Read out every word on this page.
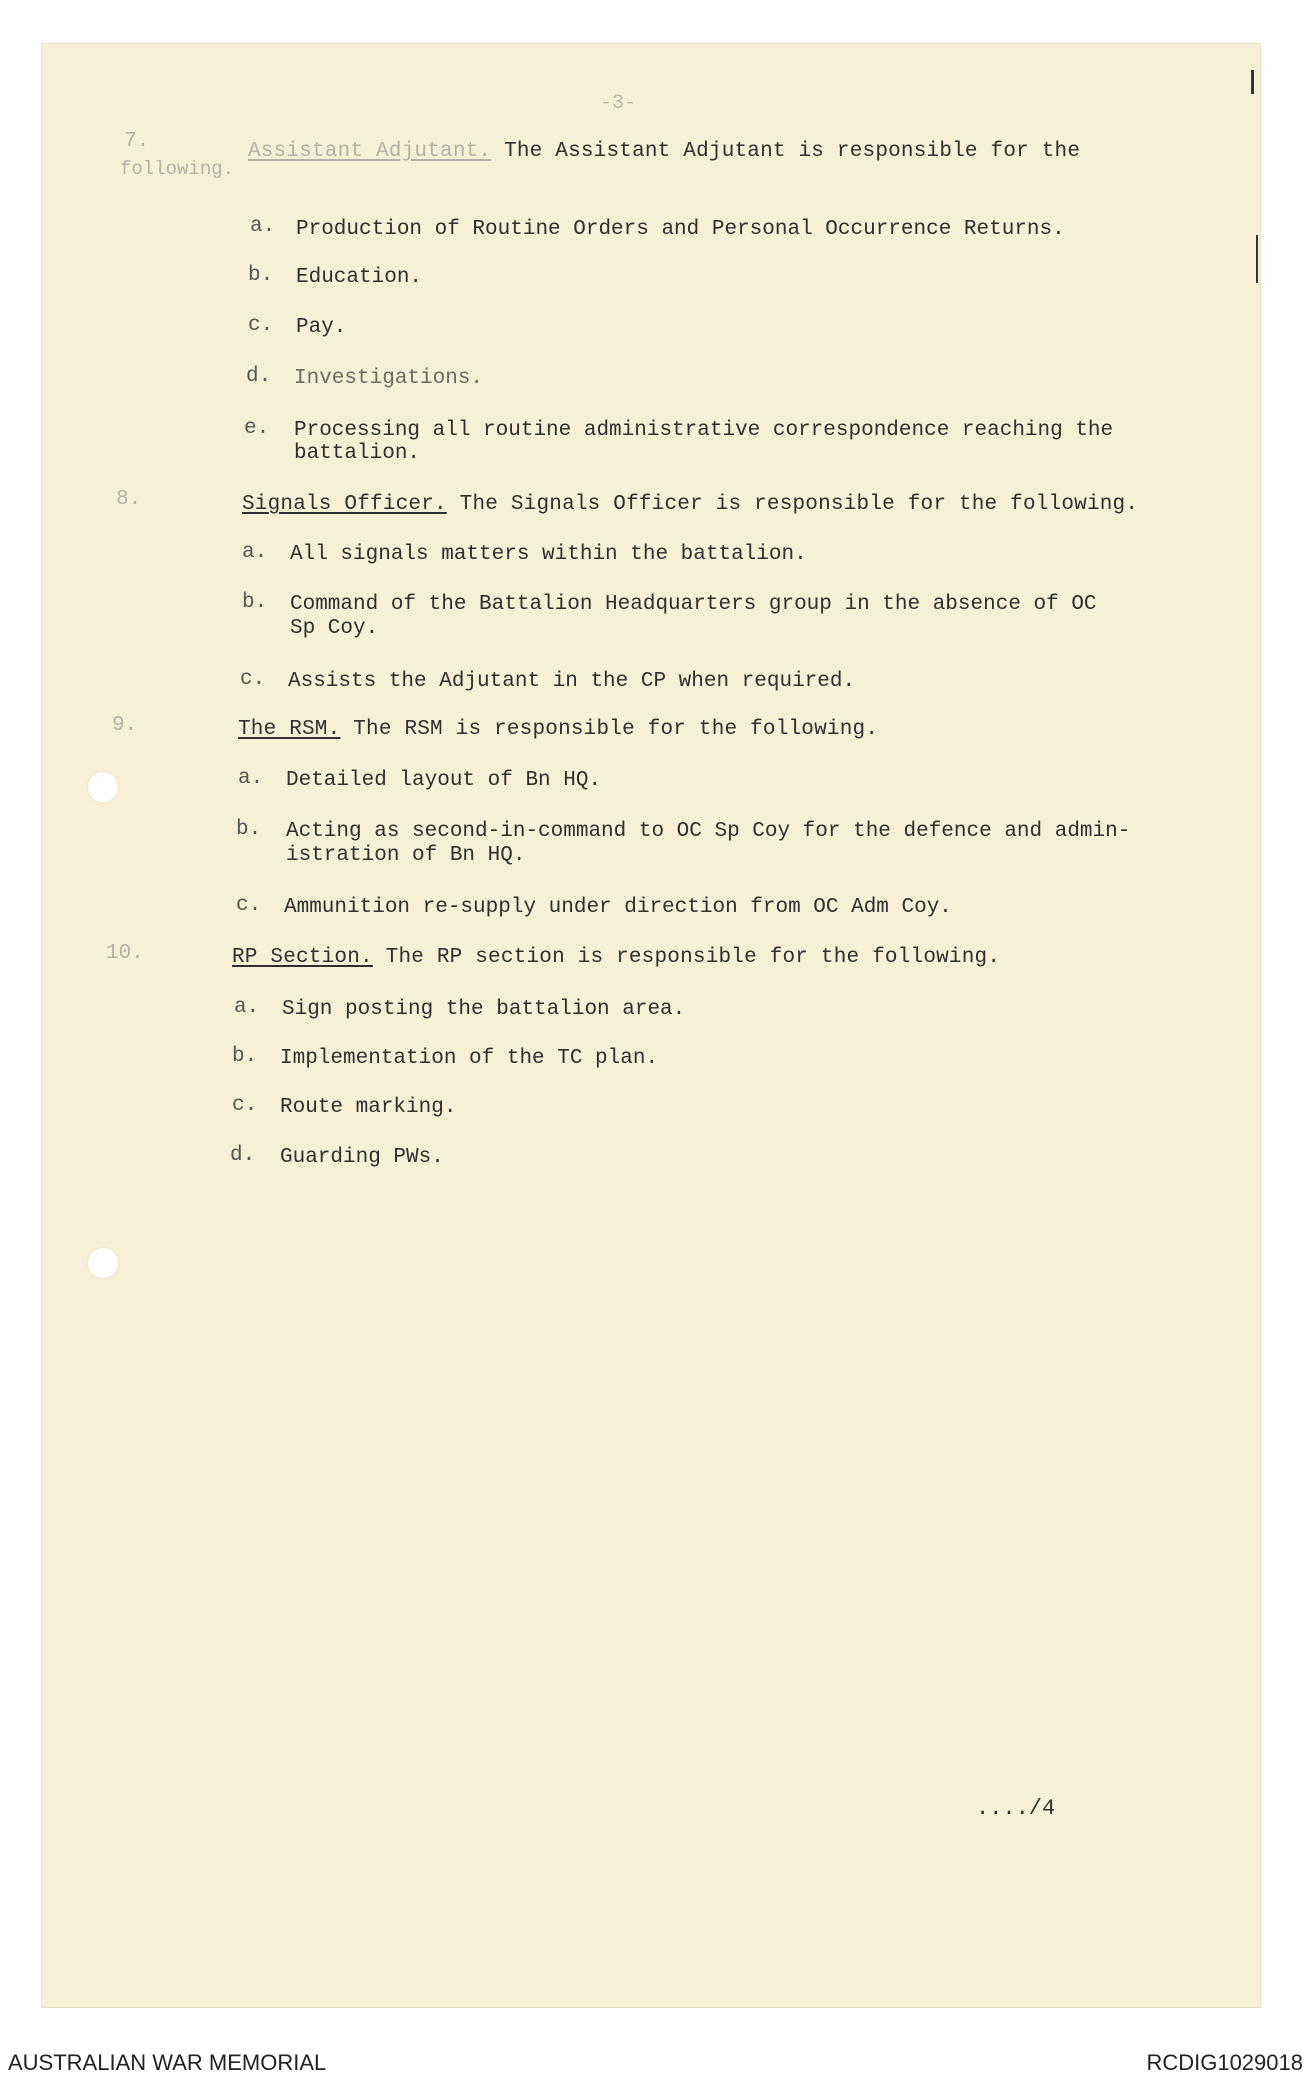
-3-
7.
following.
Assistant Adjutant. The Assistant Adjutant is responsible for the
a. Production of Routine Orders and Personal Occurrence Returns.
b. Education.
c. Pay.
d. Investigations.
e. Processing all routine administrative correspondence reaching the
battalion.
8.	Signals Officer. The Signals Officer is responsible for the following.
a. All signals matters within the battalion.
b. Command of the Battalion Headquarters group in the absence of OC
Sp Coy.
c. Assists the Adjutant in the CP when required.
9.	The RSM. The RSM is responsible for the following.
a. Detailed layout of Bn HQ.
b. Acting as second-in-command to OC Sp Coy for the defence and admin-
istration of Bn HQ.
c. Ammunition re-supply under direction from OC Adm Coy.
10.	RP Section. The RP section is responsible for the following.
a. Sign posting the battalion area.
b. Implementation of the TC plan.
c. Route marking.
d. Guarding PWs.
..../4
AUSTRALIAN WAR MEMORIAL	RCDIG1029018
